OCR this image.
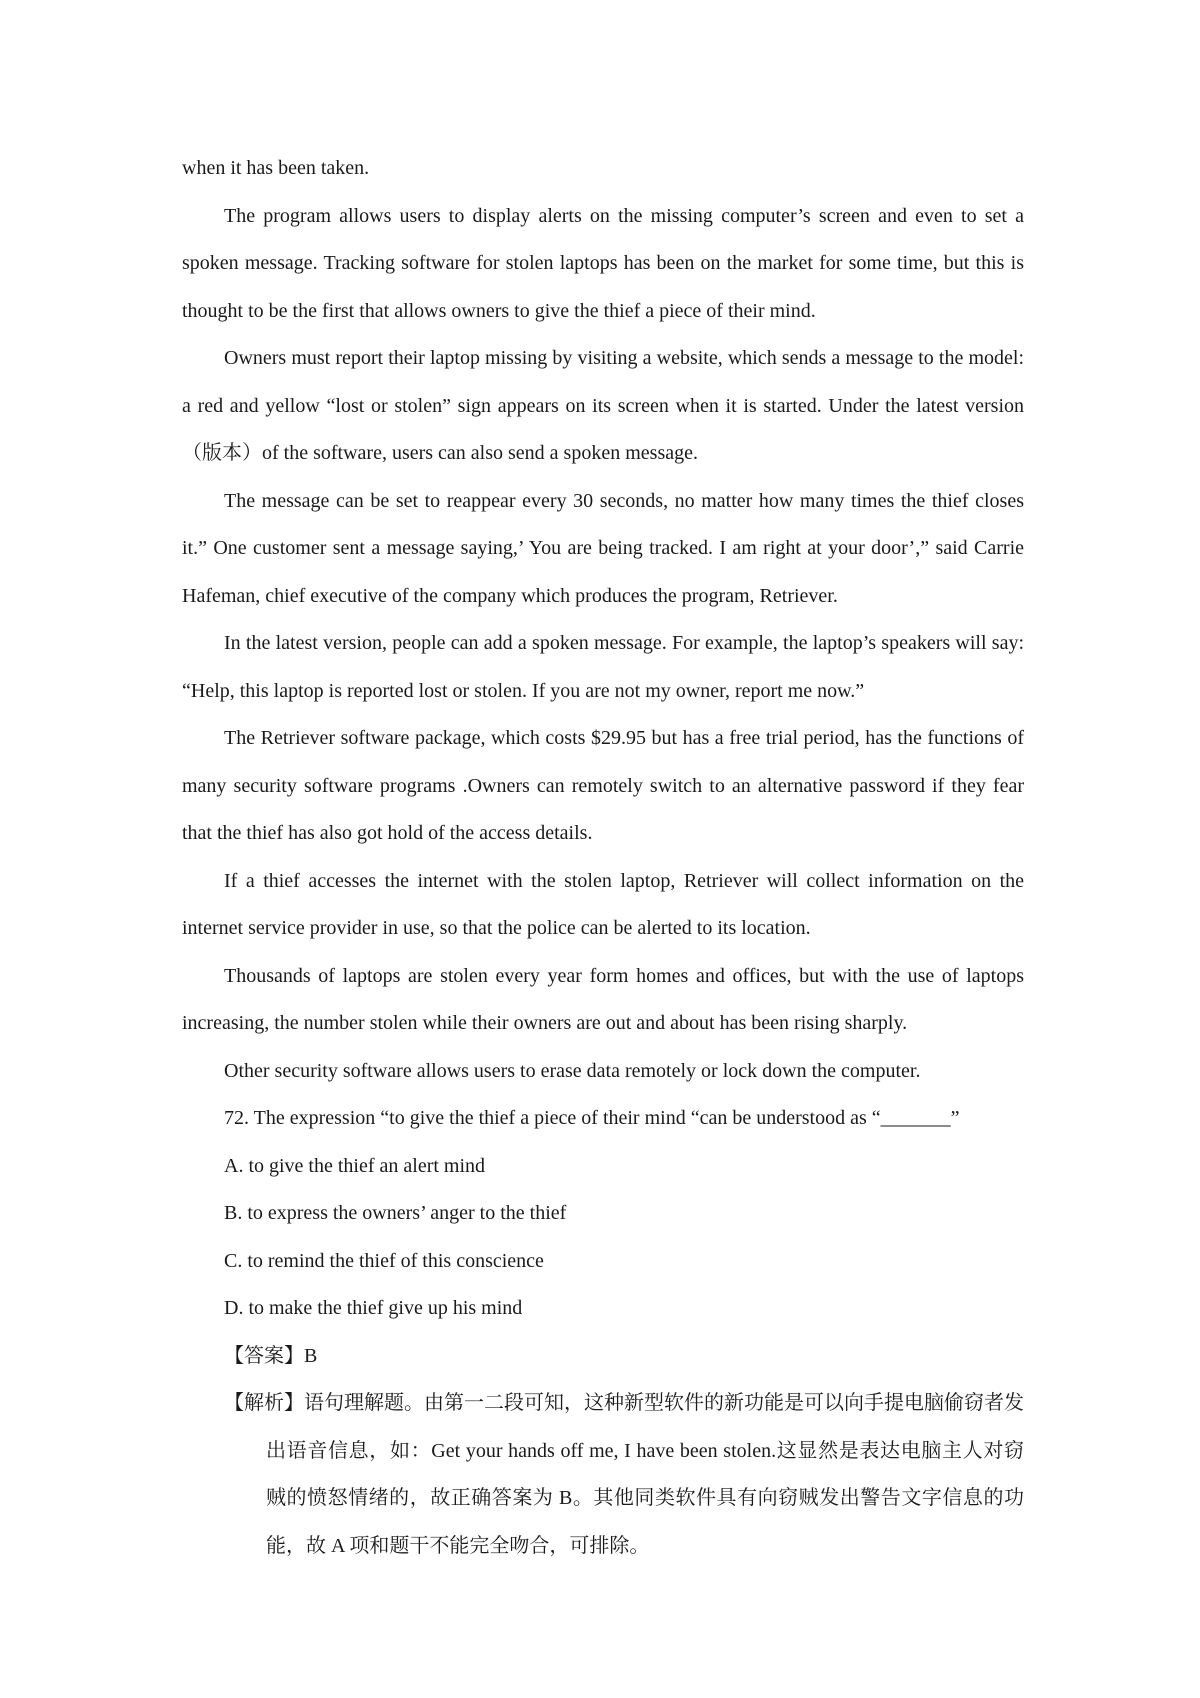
when it has been taken.

The program allows users to display alerts on the missing computer’s screen and even to set a spoken message. Tracking software for stolen laptops has been on the market for some time, but this is thought to be the first that allows owners to give the thief a piece of their mind.

Owners must report their laptop missing by visiting a website, which sends a message to the model: a red and yellow “lost or stolen” sign appears on its screen when it is started. Under the latest version（版本）of the software, users can also send a spoken message.

The message can be set to reappear every 30 seconds, no matter how many times the thief closes it.” One customer sent a message saying,’ You are being tracked. I am right at your door’,” said Carrie Hafeman, chief executive of the company which produces the program, Retriever.

In the latest version, people can add a spoken message. For example, the laptop’s speakers will say: “Help, this laptop is reported lost or stolen. If you are not my owner, report me now.”

The Retriever software package, which costs $29.95 but has a free trial period, has the functions of many security software programs .Owners can remotely switch to an alternative password if they fear that the thief has also got hold of the access details.

If a thief accesses the internet with the stolen laptop, Retriever will collect information on the internet service provider in use, so that the police can be alerted to its location.

Thousands of laptops are stolen every year form homes and offices, but with the use of laptops increasing, the number stolen while their owners are out and about has been rising sharply.

Other security software allows users to erase data remotely or lock down the computer.

72. The expression “to give the thief a piece of their mind “can be understood as “_______”

A. to give the thief an alert mind

B. to express the owners’ anger to the thief

C. to remind the thief of this conscience

D. to make the thief give up his mind

【答案】B

【解析】语句理解题。由第一二段可知，这种新型软件的新功能是可以向手提电脑偷窃者发出语音信息，如：Get your hands off me, I have been stolen.这显然是表达电脑主人对窃贼的愤怒情绪的，故正确答案为 B。其他同类软件具有向窃贼发出警告文字信息的功能，故 A 项和题干不能完全吻合，可排除。
